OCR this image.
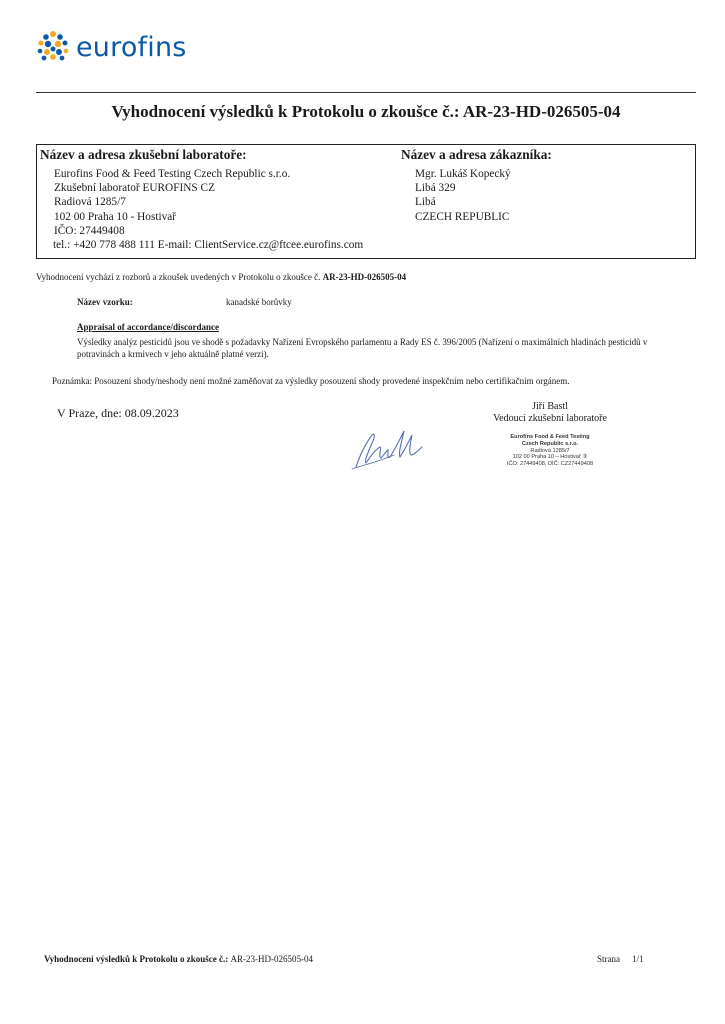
eurofins
Vyhodnocení výsledků k Protokolu o zkoušce č.: AR-23-HD-026505-04
Název a adresa zkušební laboratoře:	Název a adresa zákazníka:
Eurofins Food & Feed Testing Czech Republic s.r.o.
Zkušební laboratoř EUROFINS CZ
Radiová 1285/7
102 00 Praha 10 - Hostivař
IČO: 27449408
tel.: +420 778 488 111 E-mail: ClientService.cz@ftcee.eurofins.com
Mgr. Lukáš Kopecký
Libá 329
Libá
CZECH REPUBLIC
Vyhodnocení vychází z rozborů a zkoušek uvedených v Protokolu o zkoušce č. AR-23-HD-026505-04
Název vzorku:	kanadské borůvky
Appraisal of accordance/discordance
Výsledky analýz pesticidů jsou ve shodě s požadavky Nařízení Evropského parlamentu a Rady ES č. 396/2005 (Nařízení o maximálních hladinách pesticidů v potravinách a krmivech v jeho aktuálně platné verzi).
Poznámka: Posouzení shody/neshody není možné zaměňovat za výsledky posouzení shody provedené inspekčním nebo certifikačním orgánem.
V Praze, dne: 08.09.2023	Jiří Bastl
Vedoucí zkušební laboratoře
Eurofins Food & Feed Testing
Czech Republic s.r.o.
Radiová 1285/7
102 00 Praha 10 – Hostivař ③
IČO: 27449408, DIČ: CZ27449408
Vyhodnocení výsledků k Protokolu o zkoušce č.: AR-23-HD-026505-04	Strana 1/1
